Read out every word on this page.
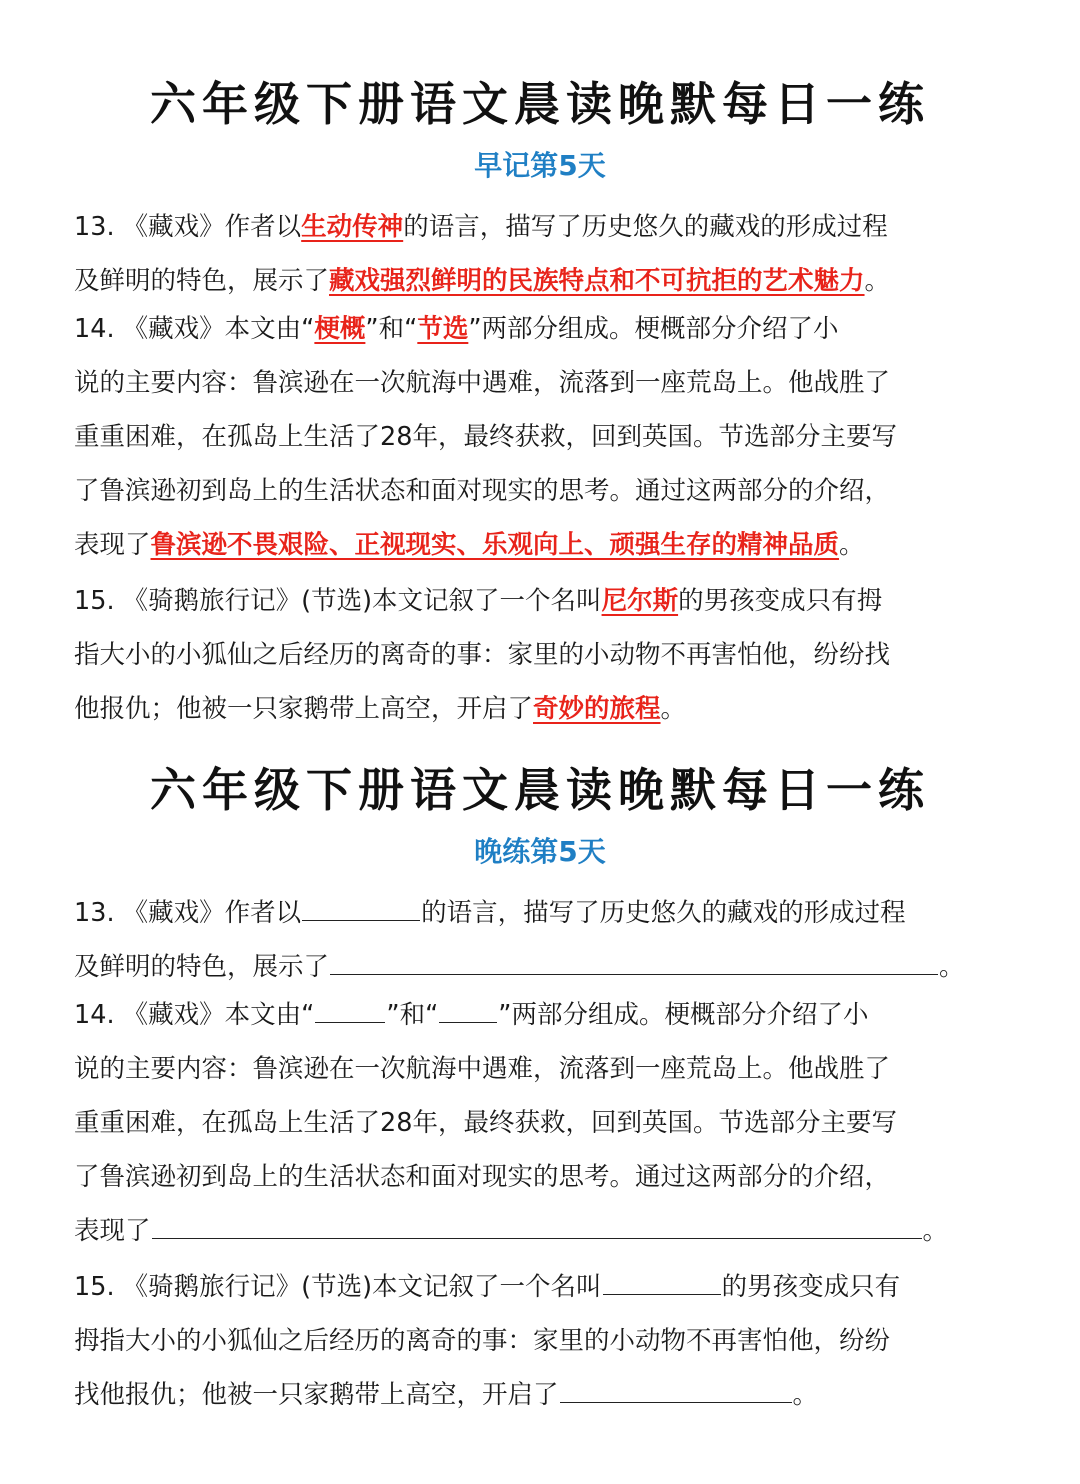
六年级下册语文晨读晚默每日一练
早记第5天
13. 《藏戏》作者以生动传神的语言，描写了历史悠久的藏戏的形成过程
及鲜明的特色，展示了藏戏强烈鲜明的民族特点和不可抗拒的艺术魅力。
14. 《藏戏》本文由“梗概”和“节选”两部分组成。梗概部分介绍了小
说的主要内容：鲁滨逊在一次航海中遇难，流落到一座荒岛上。他战胜了
重重困难，在孤岛上生活了28年，最终获救，回到英国。节选部分主要写
了鲁滨逊初到岛上的生活状态和面对现实的思考。通过这两部分的介绍，
表现了鲁滨逊不畏艰险、正视现实、乐观向上、顽强生存的精神品质。
15. 《骑鹅旅行记》(节选)本文记叙了一个名叫尼尔斯的男孩变成只有拇
指大小的小狐仙之后经历的离奇的事：家里的小动物不再害怕他，纷纷找
他报仇；他被一只家鹅带上高空，开启了奇妙的旅程。
六年级下册语文晨读晚默每日一练
晚练第5天
13. 《藏戏》作者以	的语言，描写了历史悠久的藏戏的形成过程
及鲜明的特色，展示了	。
14. 《藏戏》本文由“	”和“ ”两部分组成。梗概部分介绍了小
说的主要内容：鲁滨逊在一次航海中遇难，流落到一座荒岛上。他战胜了
重重困难，在孤岛上生活了28年，最终获救，回到英国。节选部分主要写
了鲁滨逊初到岛上的生活状态和面对现实的思考。通过这两部分的介绍，
表现了	。
15. 《骑鹅旅行记》(节选)本文记叙了一个名叫	的男孩变成只有
拇指大小的小狐仙之后经历的离奇的事：家里的小动物不再害怕他，纷纷
找他报仇；他被一只家鹅带上高空，开启了	。
